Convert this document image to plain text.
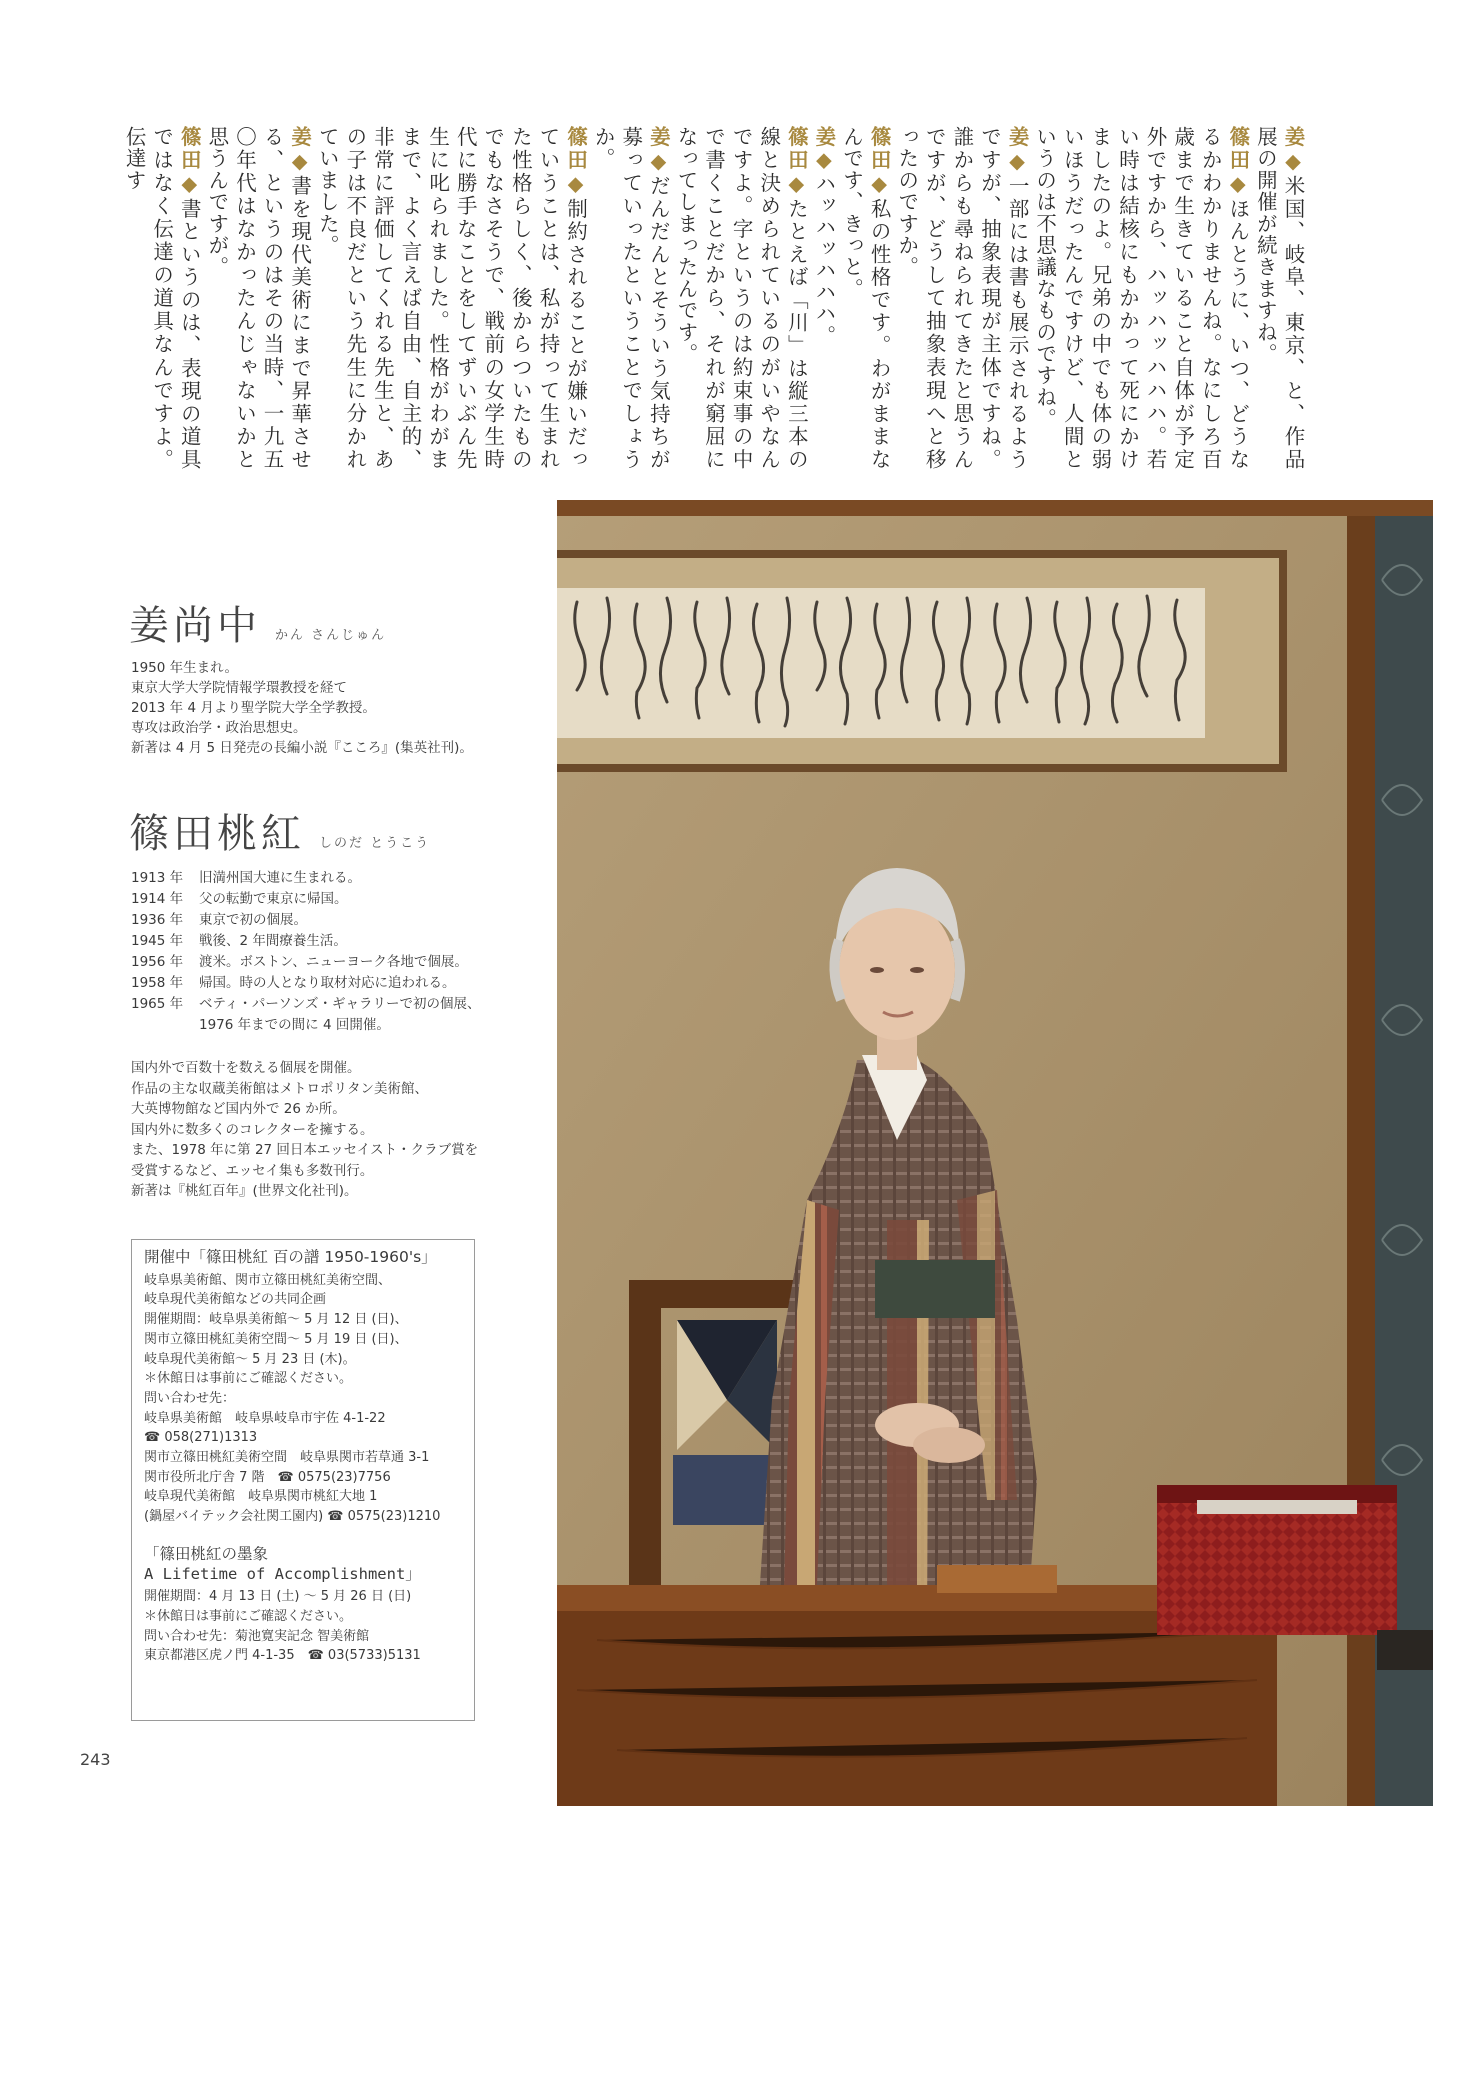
姜◆米国、岐阜、東京、と、作品展の開催が続きますね。

篠田◆ほんとうに、いつ、どうなるかわかりませんね。なにしろ百歳まで生きていること自体が予定外ですから、ハッハッハハハ。若い時は結核にもかかって死にかけましたのよ。兄弟の中でも体の弱いほうだったんですけど、人間というのは不思議なものですね。

姜◆一部には書も展示されるようですが、抽象表現が主体ですね。誰からも尋ねられてきたと思うんですが、どうして抽象表現へと移ったのですか。

篠田◆私の性格です。わがままなんです、きっと。

姜◆ハッハッハハハ。

篠田◆たとえば「川」は縦三本の線と決められているのがいやなんですよ。字というのは約束事の中で書くことだから、それが窮屈になってしまったんです。

姜◆だんだんとそういう気持ちが募っていったということでしょうか。

篠田◆制約されることが嫌いだっていうことは、私が持って生まれた性格らしく、後からついたものでもなさそうで、戦前の女学生時代に勝手なことをしてずいぶん先生に叱られました。性格がわがままで、よく言えば自由、自主的、非常に評価してくれる先生と、あの子は不良だという先生に分かれていました。

姜◆書を現代美術にまで昇華させる、というのはその当時、一九五〇年代はなかったんじゃないかと思うんですが。

篠田◆書というのは、表現の道具ではなく伝達の道具なんですよ。伝達す

姜尚中 かん さんじゅん
1950 年生まれ。
東京大学大学院情報学環教授を経て
2013 年 4 月より聖学院大学全学教授。
専攻は政治学・政治思想史。
新著は 4 月 5 日発売の長編小説『こころ』(集英社刊)。
篠田桃紅 しのだ とうこう
1913 年 旧満州国大連に生まれる。
1914 年 父の転勤で東京に帰国。
1936 年 東京で初の個展。
1945 年 戦後、2 年間療養生活。
1956 年 渡米。ボストン、ニューヨーク各地で個展。
1958 年 帰国。時の人となり取材対応に追われる。
1965 年 ベティ・パーソンズ・ギャラリーで初の個展、
1976 年までの間に 4 回開催。
国内外で百数十を数える個展を開催。
作品の主な収蔵美術館はメトロポリタン美術館、
大英博物館など国内外で 26 か所。
国内外に数多くのコレクターを擁する。
また、1978 年に第 27 回日本エッセイスト・クラブ賞を
受賞するなど、エッセイ集も多数刊行。
新著は『桃紅百年』(世界文化社刊)。
開催中「篠田桃紅 百の譜 1950-1960's」
岐阜県美術館、関市立篠田桃紅美術空間、
岐阜現代美術館などの共同企画
開催期間：岐阜県美術館〜 5 月 12 日 (日)、
関市立篠田桃紅美術空間〜 5 月 19 日 (日)、
岐阜現代美術館〜 5 月 23 日 (木)。
＊休館日は事前にご確認ください。
問い合わせ先：
岐阜県美術館　岐阜県岐阜市宇佐 4-1-22
☎ 058(271)1313
関市立篠田桃紅美術空間　岐阜県関市若草通 3-1
関市役所北庁舎 7 階　☎ 0575(23)7756
岐阜現代美術館　岐阜県関市桃紅大地 1
(鍋屋バイテック会社関工園内) ☎ 0575(23)1210
「篠田桃紅の墨象
A Lifetime of Accomplishment」
開催期間：4 月 13 日 (土) 〜 5 月 26 日 (日)
＊休館日は事前にご確認ください。
問い合わせ先：菊池寛実記念 智美術館
東京都港区虎ノ門 4-1-35　☎ 03(5733)5131
243
